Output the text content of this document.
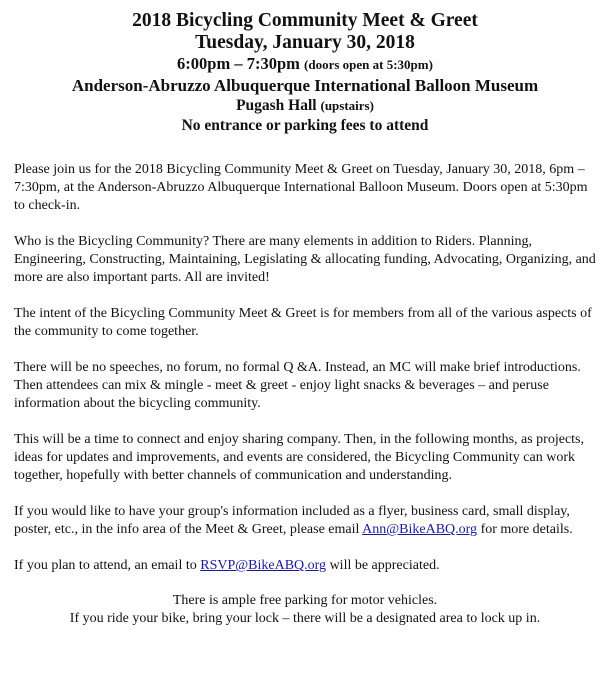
2018 Bicycling Community Meet & Greet
Tuesday, January 30, 2018
6:00pm – 7:30pm (doors open at 5:30pm)
Anderson-Abruzzo Albuquerque International Balloon Museum
Pugash Hall (upstairs)
No entrance or parking fees to attend

Please join us for the 2018 Bicycling Community Meet & Greet on Tuesday, January 30, 2018, 6pm – 7:30pm, at the Anderson-Abruzzo Albuquerque International Balloon Museum. Doors open at 5:30pm to check-in.

Who is the Bicycling Community? There are many elements in addition to Riders. Planning, Engineering, Constructing, Maintaining, Legislating & allocating funding, Advocating, Organizing, and more are also important parts. All are invited!

The intent of the Bicycling Community Meet & Greet is for members from all of the various aspects of the community to come together.

There will be no speeches, no forum, no formal Q &A. Instead, an MC will make brief introductions. Then attendees can mix & mingle - meet & greet - enjoy light snacks & beverages – and peruse information about the bicycling community.

This will be a time to connect and enjoy sharing company. Then, in the following months, as projects, ideas for updates and improvements, and events are considered, the Bicycling Community can work together, hopefully with better channels of communication and understanding.

If you would like to have your group's information included as a flyer, business card, small display, poster, etc., in the info area of the Meet & Greet, please email Ann@BikeABQ.org for more details.

If you plan to attend, an email to RSVP@BikeABQ.org will be appreciated.

There is ample free parking for motor vehicles.
If you ride your bike, bring your lock – there will be a designated area to lock up in.
